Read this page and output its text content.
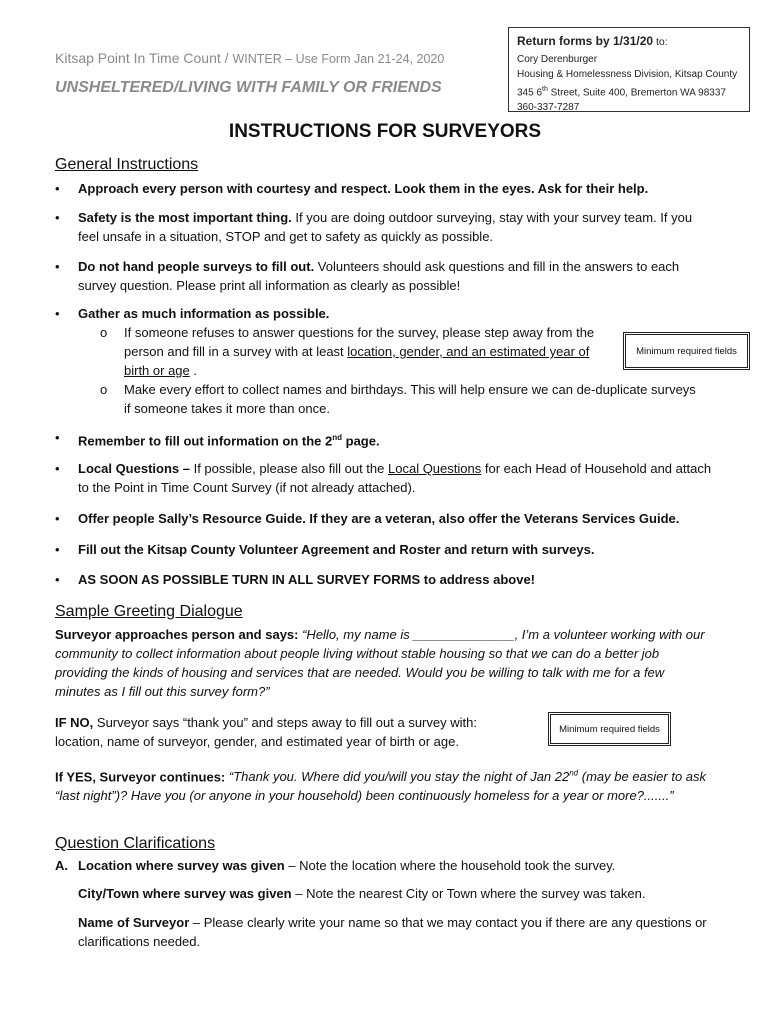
Kitsap Point In Time Count / WINTER – Use Form Jan 21-24, 2020
UNSHELTERED/LIVING WITH FAMILY OR FRIENDS
Return forms by 1/31/20 to:
Cory Derenburger
Housing & Homelessness Division, Kitsap County
345 6th Street, Suite 400, Bremerton WA 98337
360-337-7287
INSTRUCTIONS FOR SURVEYORS
General Instructions
•	Approach every person with courtesy and respect. Look them in the eyes. Ask for their help.
•	Safety is the most important thing. If you are doing outdoor surveying, stay with your survey team. If you feel unsafe in a situation, STOP and get to safety as quickly as possible.
•	Do not hand people surveys to fill out. Volunteers should ask questions and fill in the answers to each survey question. Please print all information as clearly as possible!
•	Gather as much information as possible.
o	If someone refuses to answer questions for the survey, please step away from the person and fill in a survey with at least location, gender, and an estimated year of birth or age .
Minimum required fields
o	Make every effort to collect names and birthdays. This will help ensure we can de-duplicate surveys if someone takes it more than once.
•	Remember to fill out information on the 2nd page.
•	Local Questions – If possible, please also fill out the Local Questions for each Head of Household and attach to the Point in Time Count Survey (if not already attached).
•	Offer people Sally’s Resource Guide. If they are a veteran, also offer the Veterans Services Guide.
•	Fill out the Kitsap County Volunteer Agreement and Roster and return with surveys.
•	AS SOON AS POSSIBLE TURN IN ALL SURVEY FORMS to address above!
Sample Greeting Dialogue
Surveyor approaches person and says: “Hello, my name is ______________, I’m a volunteer working with our community to collect information about people living without stable housing so that we can do a better job providing the kinds of housing and services that are needed. Would you be willing to talk with me for a few minutes as I fill out this survey form?”
IF NO, Surveyor says “thank you” and steps away to fill out a survey with: location, name of surveyor, gender, and estimated year of birth or age.
Minimum required fields
If YES, Surveyor continues: “Thank you. Where did you/will you stay the night of Jan 22nd (may be easier to ask “last night”)? Have you (or anyone in your household) been continuously homeless for a year or more?.......”
Question Clarifications
A. Location where survey was given – Note the location where the household took the survey.
City/Town where survey was given – Note the nearest City or Town where the survey was taken.
Name of Surveyor – Please clearly write your name so that we may contact you if there are any questions or clarifications needed.
